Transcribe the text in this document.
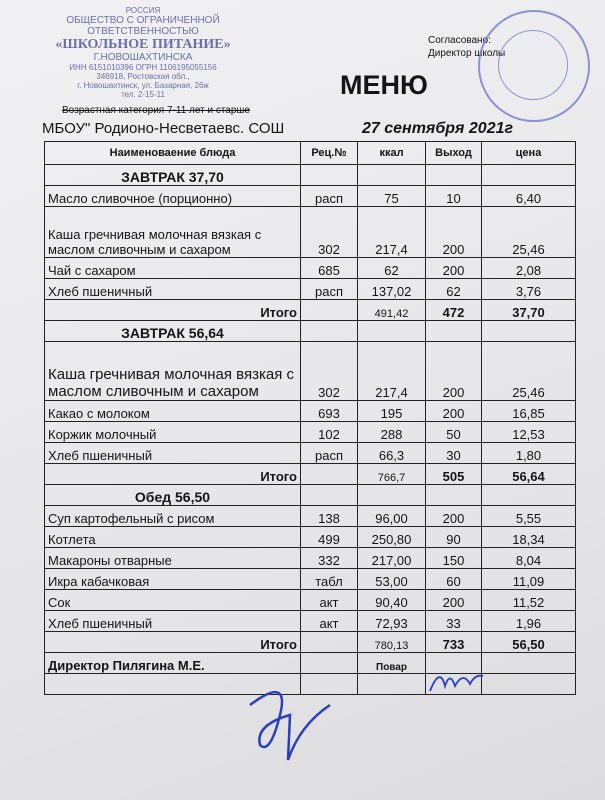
РОССИЯ
ОБЩЕСТВО С ОГРАНИЧЕННОЙ
ОТВЕТСТВЕННОСТЬЮ
«ШКОЛЬНОЕ ПИТАНИЕ»
Г.НОВОШАХТИНСКА
ИНН 6151010396 ОГРН 1106195055156
346918, Ростовская обл.,
г. Новошахтинск, ул. Базарная, 26ж
тел. 2-15-11
Согласовано:
Директор школы
МЕНЮ
Возрастная категория 7-11 лет и старше
МБОУ" Родионо-Несветаевс. СОШ	27 сентября 2021г
Наименоваение блюда	Рец.№	ккал	Выход	цена
ЗАВТРАК 37,70				
Масло сливочное (порционно)	расп	75	10	6,40
Каша гречнивая молочная вязкая с маслом сливочным и сахаром	302	217,4	200	25,46
Чай с сахаром	685	62	200	2,08
Хлеб пшеничный	расп	137,02	62	3,76
Итого		491,42	472	37,70
ЗАВТРАК 56,64				
Каша гречнивая молочная вязкая с маслом сливочным и сахаром	302	217,4	200	25,46
Какао с молоком	693	195	200	16,85
Коржик молочный	102	288	50	12,53
Хлеб пшеничный	расп	66,3	30	1,80
Итого		766,7	505	56,64
Обед 56,50				
Суп картофельный с рисом	138	96,00	200	5,55
Котлета	499	250,80	90	18,34
Макароны отварные	332	217,00	150	8,04
Икра кабачковая	табл	53,00	60	11,09
Сок	акт	90,40	200	11,52
Хлеб пшеничный	акт	72,93	33	1,96
Итого		780,13	733	56,50
Директор Пилягина М.Е.		Повар		
